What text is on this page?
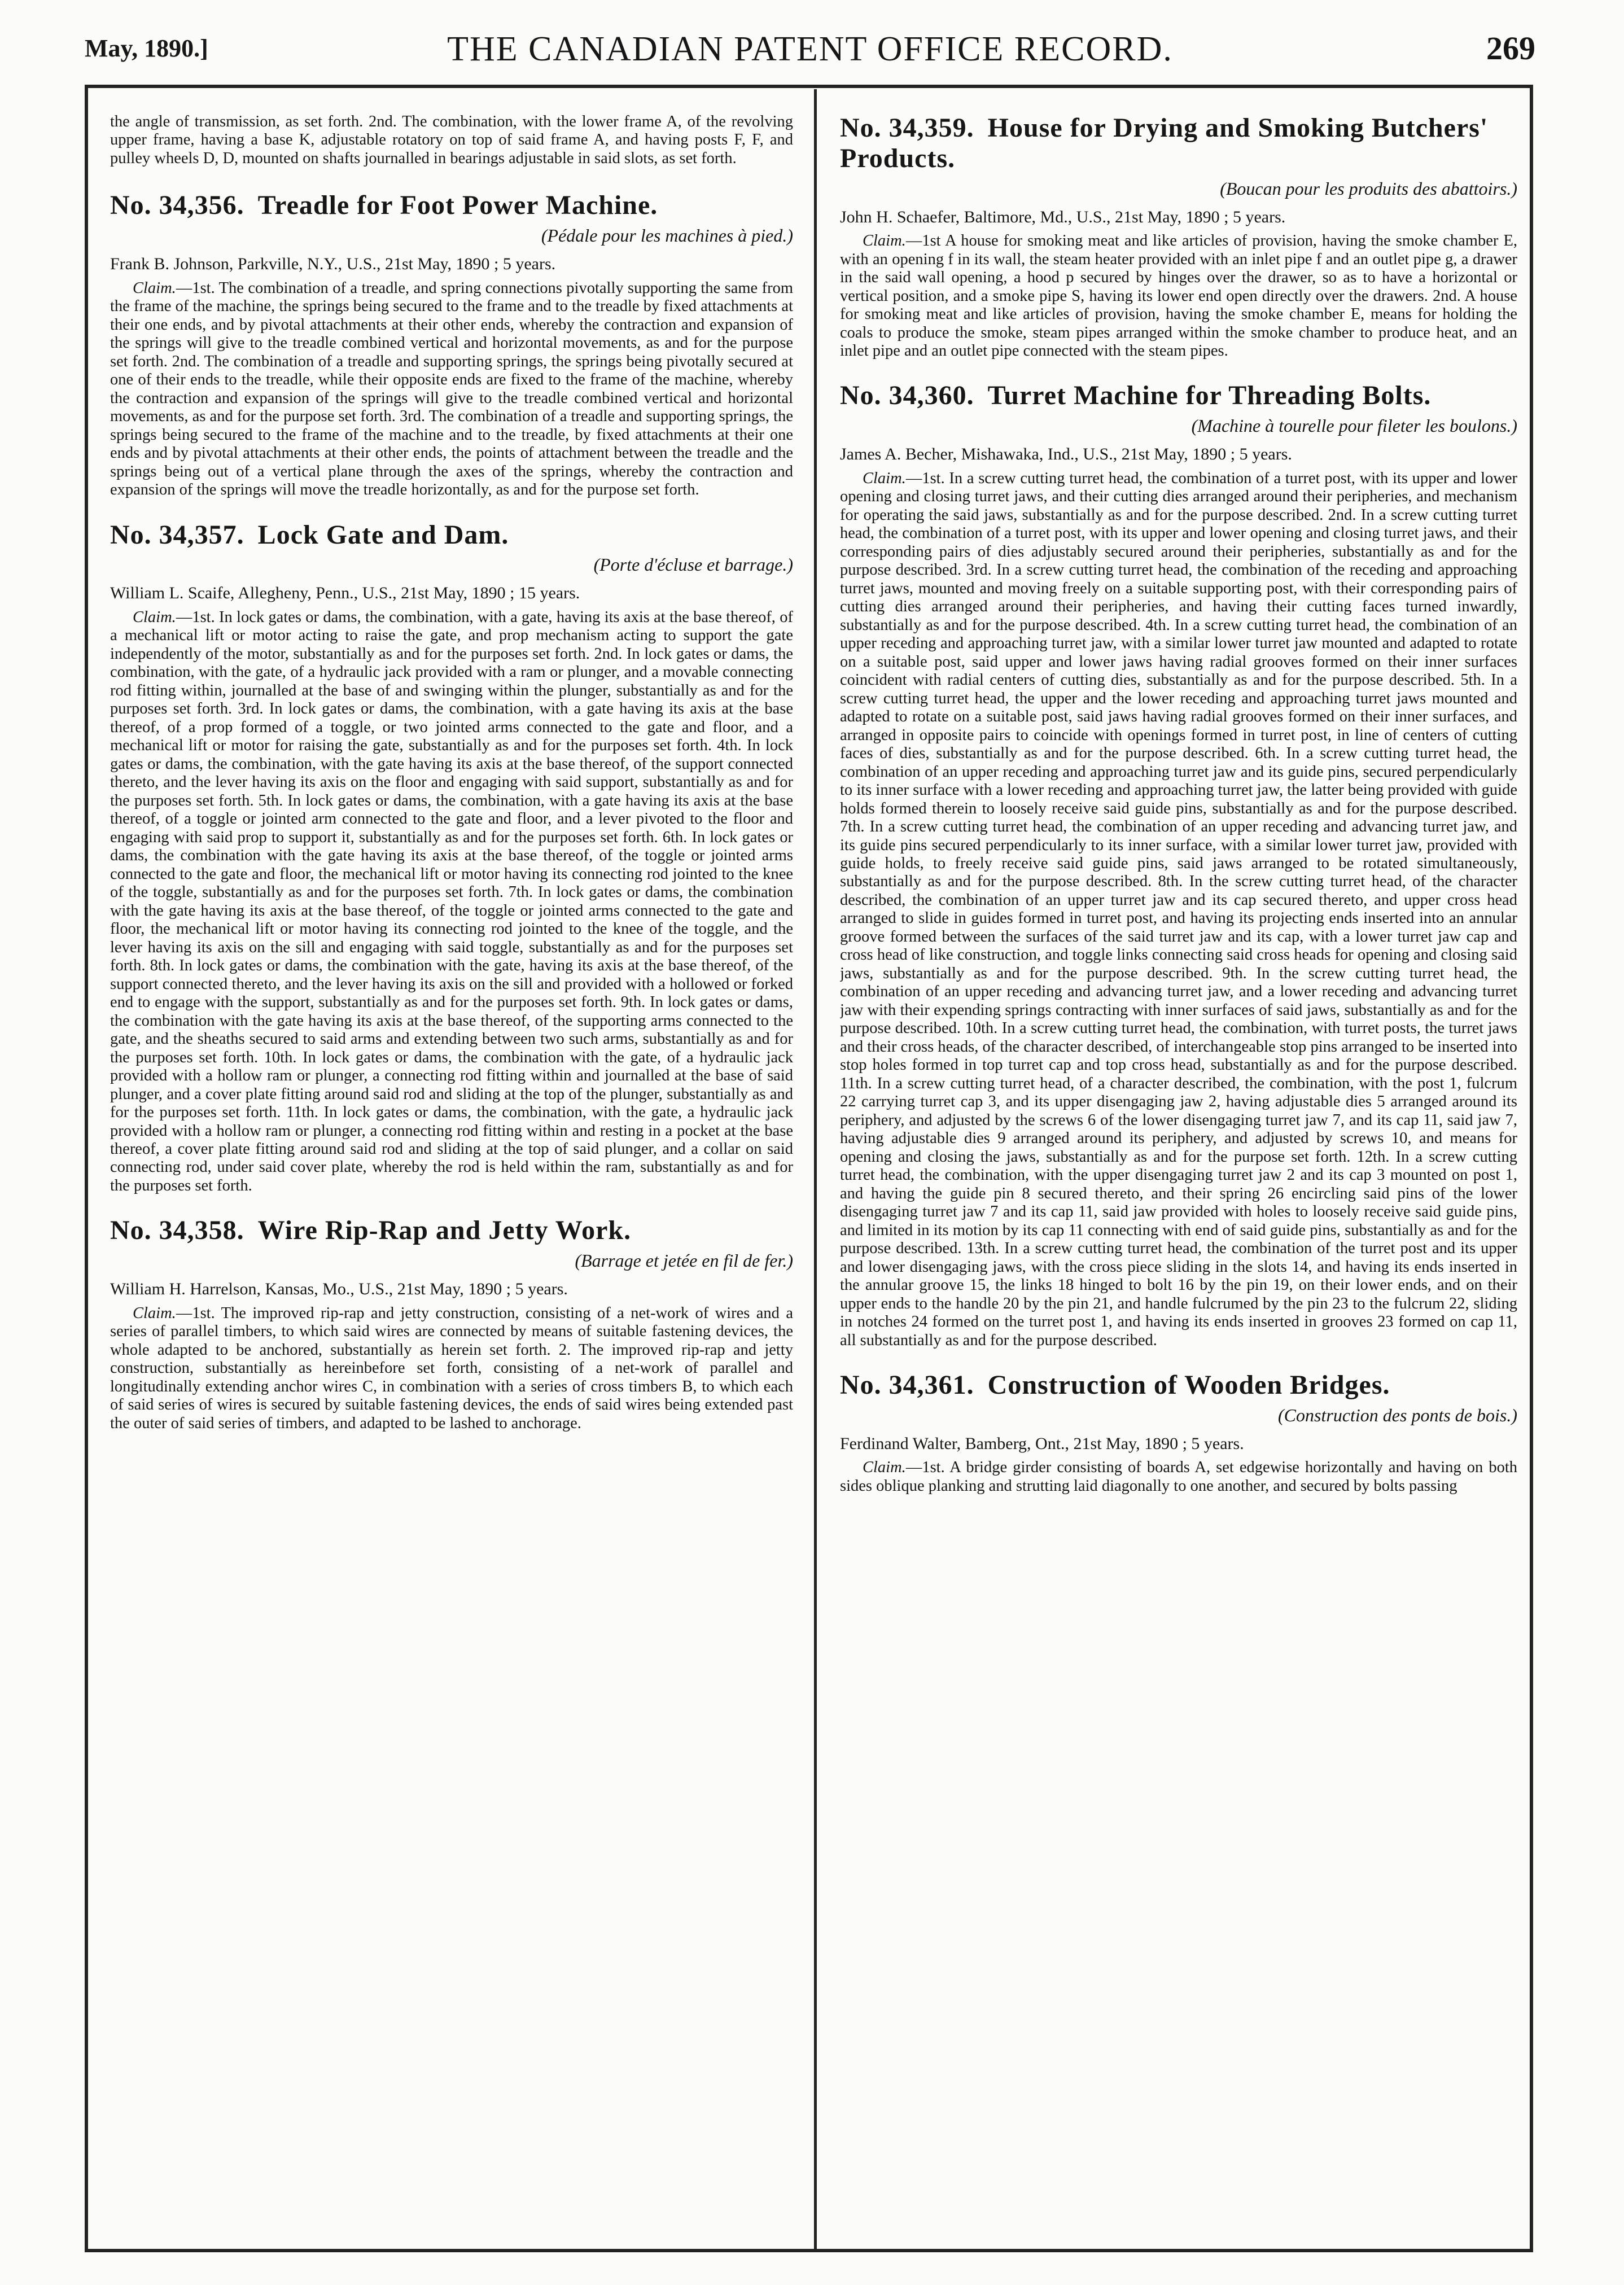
May, 1890.]	THE CANADIAN PATENT OFFICE RECORD.	269

the angle of transmission, as set forth. 2nd. The combination, with the lower frame A, of the revolving upper frame, having a base K, adjustable rotatory on top of said frame A, and having posts F, F, and pulley wheels D, D, mounted on shafts journalled in bearings adjustable in said slots, as set forth.

No. 34,356. Treadle for Foot Power Machine.

(Pédale pour les machines à pied.)

Frank B. Johnson, Parkville, N.Y., U.S., 21st May, 1890 ; 5 years.

Claim.—1st. The combination of a treadle, and spring connections pivotally supporting the same from the frame of the machine, the springs being secured to the frame and to the treadle by fixed attachments at their one ends, and by pivotal attachments at their other ends, whereby the contraction and expansion of the springs will give to the treadle combined vertical and horizontal movements, as and for the purpose set forth. 2nd. The combination of a treadle and supporting springs, the springs being pivotally secured at one of their ends to the treadle, while their opposite ends are fixed to the frame of the machine, whereby the contraction and expansion of the springs will give to the treadle combined vertical and horizontal movements, as and for the purpose set forth. 3rd. The combination of a treadle and supporting springs, the springs being secured to the frame of the machine and to the treadle, by fixed attachments at their one ends and by pivotal attachments at their other ends, the points of attachment between the treadle and the springs being out of a vertical plane through the axes of the springs, whereby the contraction and expansion of the springs will move the treadle horizontally, as and for the purpose set forth.

No. 34,357. Lock Gate and Dam.

(Porte d'écluse et barrage.)

William L. Scaife, Allegheny, Penn., U.S., 21st May, 1890 ; 15 years.

Claim.—1st. In lock gates or dams, the combination, with a gate, having its axis at the base thereof, of a mechanical lift or motor acting to raise the gate, and prop mechanism acting to support the gate independently of the motor, substantially as and for the purposes set forth. 2nd. In lock gates or dams, the combination, with the gate, of a hydraulic jack provided with a ram or plunger, and a movable connecting rod fitting within, journalled at the base of and swinging within the plunger, substantially as and for the purposes set forth. 3rd. In lock gates or dams, the combination, with a gate having its axis at the base thereof, of a prop formed of a toggle, or two jointed arms connected to the gate and floor, and a mechanical lift or motor for raising the gate, substantially as and for the purposes set forth. 4th. In lock gates or dams, the combination, with the gate having its axis at the base thereof, of the support connected thereto, and the lever having its axis on the floor and engaging with said support, substantially as and for the purposes set forth. 5th. In lock gates or dams, the combination, with a gate having its axis at the base thereof, of a toggle or jointed arm connected to the gate and floor, and a lever pivoted to the floor and engaging with said prop to support it, substantially as and for the purposes set forth. 6th. In lock gates or dams, the combination with the gate having its axis at the base thereof, of the toggle or jointed arms connected to the gate and floor, the mechanical lift or motor having its connecting rod jointed to the knee of the toggle, substantially as and for the purposes set forth. 7th. In lock gates or dams, the combination with the gate having its axis at the base thereof, of the toggle or jointed arms connected to the gate and floor, the mechanical lift or motor having its connecting rod jointed to the knee of the toggle, and the lever having its axis on the sill and engaging with said toggle, substantially as and for the purposes set forth. 8th. In lock gates or dams, the combination with the gate, having its axis at the base thereof, of the support connected thereto, and the lever having its axis on the sill and provided with a hollowed or forked end to engage with the support, substantially as and for the purposes set forth. 9th. In lock gates or dams, the combination with the gate having its axis at the base thereof, of the supporting arms connected to the gate, and the sheaths secured to said arms and extending between two such arms, substantially as and for the purposes set forth. 10th. In lock gates or dams, the combination with the gate, of a hydraulic jack provided with a hollow ram or plunger, a connecting rod fitting within and journalled at the base of said plunger, and a cover plate fitting around said rod and sliding at the top of the plunger, substantially as and for the purposes set forth. 11th. In lock gates or dams, the combination, with the gate, a hydraulic jack provided with a hollow ram or plunger, a connecting rod fitting within and resting in a pocket at the base thereof, a cover plate fitting around said rod and sliding at the top of said plunger, and a collar on said connecting rod, under said cover plate, whereby the rod is held within the ram, substantially as and for the purposes set forth.

No. 34,358. Wire Rip-Rap and Jetty Work.

(Barrage et jetée en fil de fer.)

William H. Harrelson, Kansas, Mo., U.S., 21st May, 1890 ; 5 years.

Claim.—1st. The improved rip-rap and jetty construction, consisting of a net-work of wires and a series of parallel timbers, to which said wires are connected by means of suitable fastening devices, the whole adapted to be anchored, substantially as herein set forth. 2. The improved rip-rap and jetty construction, substantially as hereinbefore set forth, consisting of a net-work of parallel and longitudinally extending anchor wires C, in combination with a series of cross timbers B, to which each of said series of wires is secured by suitable fastening devices, the ends of said wires being extended past the outer of said series of timbers, and adapted to be lashed to anchorage.

No. 34,359. House for Drying and Smoking Butchers' Products.

(Boucan pour les produits des abattoirs.)

John H. Schaefer, Baltimore, Md., U.S., 21st May, 1890 ; 5 years.

Claim.—1st A house for smoking meat and like articles of provision, having the smoke chamber E, with an opening f in its wall, the steam heater provided with an inlet pipe f and an outlet pipe g, a drawer in the said wall opening, a hood p secured by hinges over the drawer, so as to have a horizontal or vertical position, and a smoke pipe S, having its lower end open directly over the drawers. 2nd. A house for smoking meat and like articles of provision, having the smoke chamber E, means for holding the coals to produce the smoke, steam pipes arranged within the smoke chamber to produce heat, and an inlet pipe and an outlet pipe connected with the steam pipes.

No. 34,360. Turret Machine for Threading Bolts.

(Machine à tourelle pour fileter les boulons.)

James A. Becher, Mishawaka, Ind., U.S., 21st May, 1890 ; 5 years.

Claim.—1st. In a screw cutting turret head, the combination of a turret post, with its upper and lower opening and closing turret jaws, and their cutting dies arranged around their peripheries, and mechanism for operating the said jaws, substantially as and for the purpose described. 2nd. In a screw cutting turret head, the combination of a turret post, with its upper and lower opening and closing turret jaws, and their corresponding pairs of dies adjustably secured around their peripheries, substantially as and for the purpose described. 3rd. In a screw cutting turret head, the combination of the receding and approaching turret jaws, mounted and moving freely on a suitable supporting post, with their corresponding pairs of cutting dies arranged around their peripheries, and having their cutting faces turned inwardly, substantially as and for the purpose described. 4th. In a screw cutting turret head, the combination of an upper receding and approaching turret jaw, with a similar lower turret jaw mounted and adapted to rotate on a suitable post, said upper and lower jaws having radial grooves formed on their inner surfaces coincident with radial centers of cutting dies, substantially as and for the purpose described. 5th. In a screw cutting turret head, the upper and the lower receding and approaching turret jaws mounted and adapted to rotate on a suitable post, said jaws having radial grooves formed on their inner surfaces, and arranged in opposite pairs to coincide with openings formed in turret post, in line of centers of cutting faces of dies, substantially as and for the purpose described. 6th. In a screw cutting turret head, the combination of an upper receding and approaching turret jaw and its guide pins, secured perpendicularly to its inner surface with a lower receding and approaching turret jaw, the latter being provided with guide holds formed therein to loosely receive said guide pins, substantially as and for the purpose described. 7th. In a screw cutting turret head, the combination of an upper receding and advancing turret jaw, and its guide pins secured perpendicularly to its inner surface, with a similar lower turret jaw, provided with guide holds, to freely receive said guide pins, said jaws arranged to be rotated simultaneously, substantially as and for the purpose described. 8th. In the screw cutting turret head, of the character described, the combination of an upper turret jaw and its cap secured thereto, and upper cross head arranged to slide in guides formed in turret post, and having its projecting ends inserted into an annular groove formed between the surfaces of the said turret jaw and its cap, with a lower turret jaw cap and cross head of like construction, and toggle links connecting said cross heads for opening and closing said jaws, substantially as and for the purpose described. 9th. In the screw cutting turret head, the combination of an upper receding and advancing turret jaw, and a lower receding and advancing turret jaw with their expending springs contracting with inner surfaces of said jaws, substantially as and for the purpose described. 10th. In a screw cutting turret head, the combination, with turret posts, the turret jaws and their cross heads, of the character described, of interchangeable stop pins arranged to be inserted into stop holes formed in top turret cap and top cross head, substantially as and for the purpose described. 11th. In a screw cutting turret head, of a character described, the combination, with the post 1, fulcrum 22 carrying turret cap 3, and its upper disengaging jaw 2, having adjustable dies 5 arranged around its periphery, and adjusted by the screws 6 of the lower disengaging turret jaw 7, and its cap 11, said jaw 7, having adjustable dies 9 arranged around its periphery, and adjusted by screws 10, and means for opening and closing the jaws, substantially as and for the purpose set forth. 12th. In a screw cutting turret head, the combination, with the upper disengaging turret jaw 2 and its cap 3 mounted on post 1, and having the guide pin 8 secured thereto, and their spring 26 encircling said pins of the lower disengaging turret jaw 7 and its cap 11, said jaw provided with holes to loosely receive said guide pins, and limited in its motion by its cap 11 connecting with end of said guide pins, substantially as and for the purpose described. 13th. In a screw cutting turret head, the combination of the turret post and its upper and lower disengaging jaws, with the cross piece sliding in the slots 14, and having its ends inserted in the annular groove 15, the links 18 hinged to bolt 16 by the pin 19, on their lower ends, and on their upper ends to the handle 20 by the pin 21, and handle fulcrumed by the pin 23 to the fulcrum 22, sliding in notches 24 formed on the turret post 1, and having its ends inserted in grooves 23 formed on cap 11, all substantially as and for the purpose described.

No. 34,361. Construction of Wooden Bridges.

(Construction des ponts de bois.)

Ferdinand Walter, Bamberg, Ont., 21st May, 1890 ; 5 years.

Claim.—1st. A bridge girder consisting of boards A, set edgewise horizontally and having on both sides oblique planking and strutting laid diagonally to one another, and secured by bolts passing
